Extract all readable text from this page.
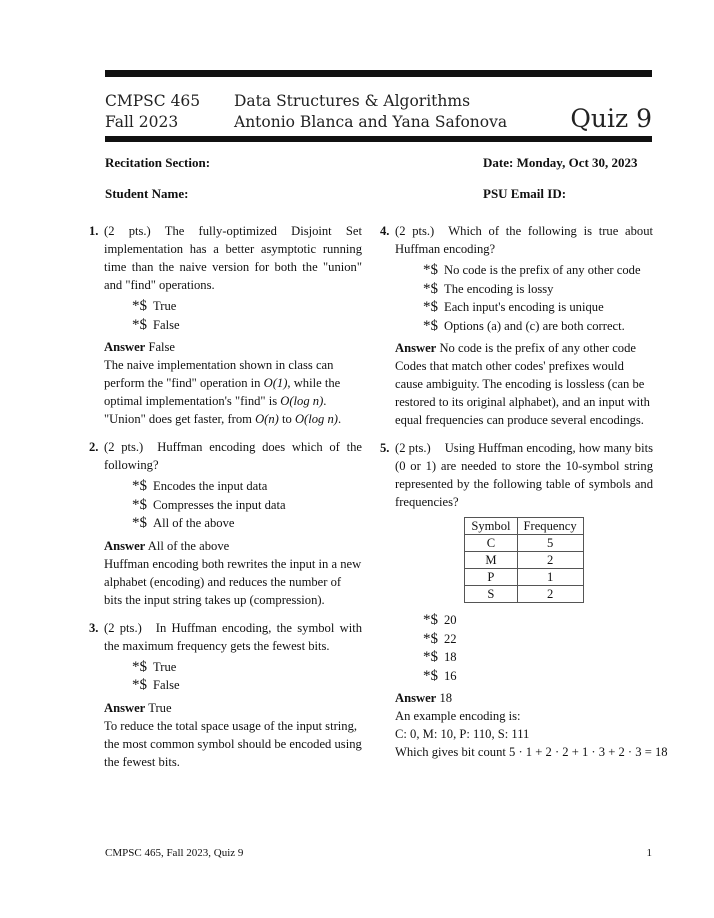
CMPSC 465
Fall 2023
Data Structures & Algorithms
Antonio Blanca and Yana Safonova	Quiz 9
Recitation Section:	Date: Monday, Oct 30, 2023
Student Name:	PSU Email ID:
1. (2 pts.) The fully-optimized Disjoint Set implementation has a better asymptotic running time than the naive version for both the "union" and "find" operations.
*$ True
*$ False
Answer False
The naive implementation shown in class can perform the "find" operation in O(1), while the optimal implementation's "find" is O(log n). "Union" does get faster, from O(n) to O(log n).
2. (2 pts.) Huffman encoding does which of the following?
*$ Encodes the input data
*$ Compresses the input data
*$ All of the above
Answer All of the above
Huffman encoding both rewrites the input in a new alphabet (encoding) and reduces the number of bits the input string takes up (compression).
3. (2 pts.) In Huffman encoding, the symbol with the maximum frequency gets the fewest bits.
*$ True
*$ False
Answer True
To reduce the total space usage of the input string, the most common symbol should be encoded using the fewest bits.
4. (2 pts.) Which of the following is true about Huffman encoding?
*$ No code is the prefix of any other code
*$ The encoding is lossy
*$ Each input's encoding is unique
*$ Options (a) and (c) are both correct.
Answer No code is the prefix of any other code
Codes that match other codes' prefixes would cause ambiguity. The encoding is lossless (can be restored to its original alphabet), and an input with equal frequencies can produce several encodings.
5. (2 pts.) Using Huffman encoding, how many bits (0 or 1) are needed to store the 10-symbol string represented by the following table of symbols and frequencies?
Symbol	Frequency
C	5
M	2
P	1
S	2
*$ 20
*$ 22
*$ 18
*$ 16
Answer 18
An example encoding is:
C: 0, M: 10, P: 110, S: 111
Which gives bit count 5 · 1 + 2 · 2 + 1 · 3 + 2 · 3 = 18
CMPSC 465, Fall 2023, Quiz 9	1
